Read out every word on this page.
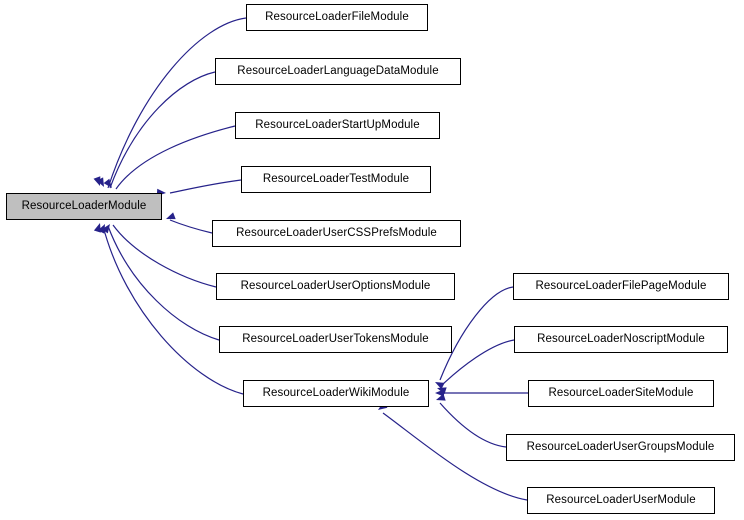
ResourceLoaderModule
ResourceLoaderFileModule
ResourceLoaderLanguageDataModule
ResourceLoaderStartUpModule
ResourceLoaderTestModule
ResourceLoaderUserCSSPrefsModule
ResourceLoaderUserOptionsModule
ResourceLoaderUserTokensModule
ResourceLoaderWikiModule
ResourceLoaderFilePageModule
ResourceLoaderNoscriptModule
ResourceLoaderSiteModule
ResourceLoaderUserGroupsModule
ResourceLoaderUserModule
